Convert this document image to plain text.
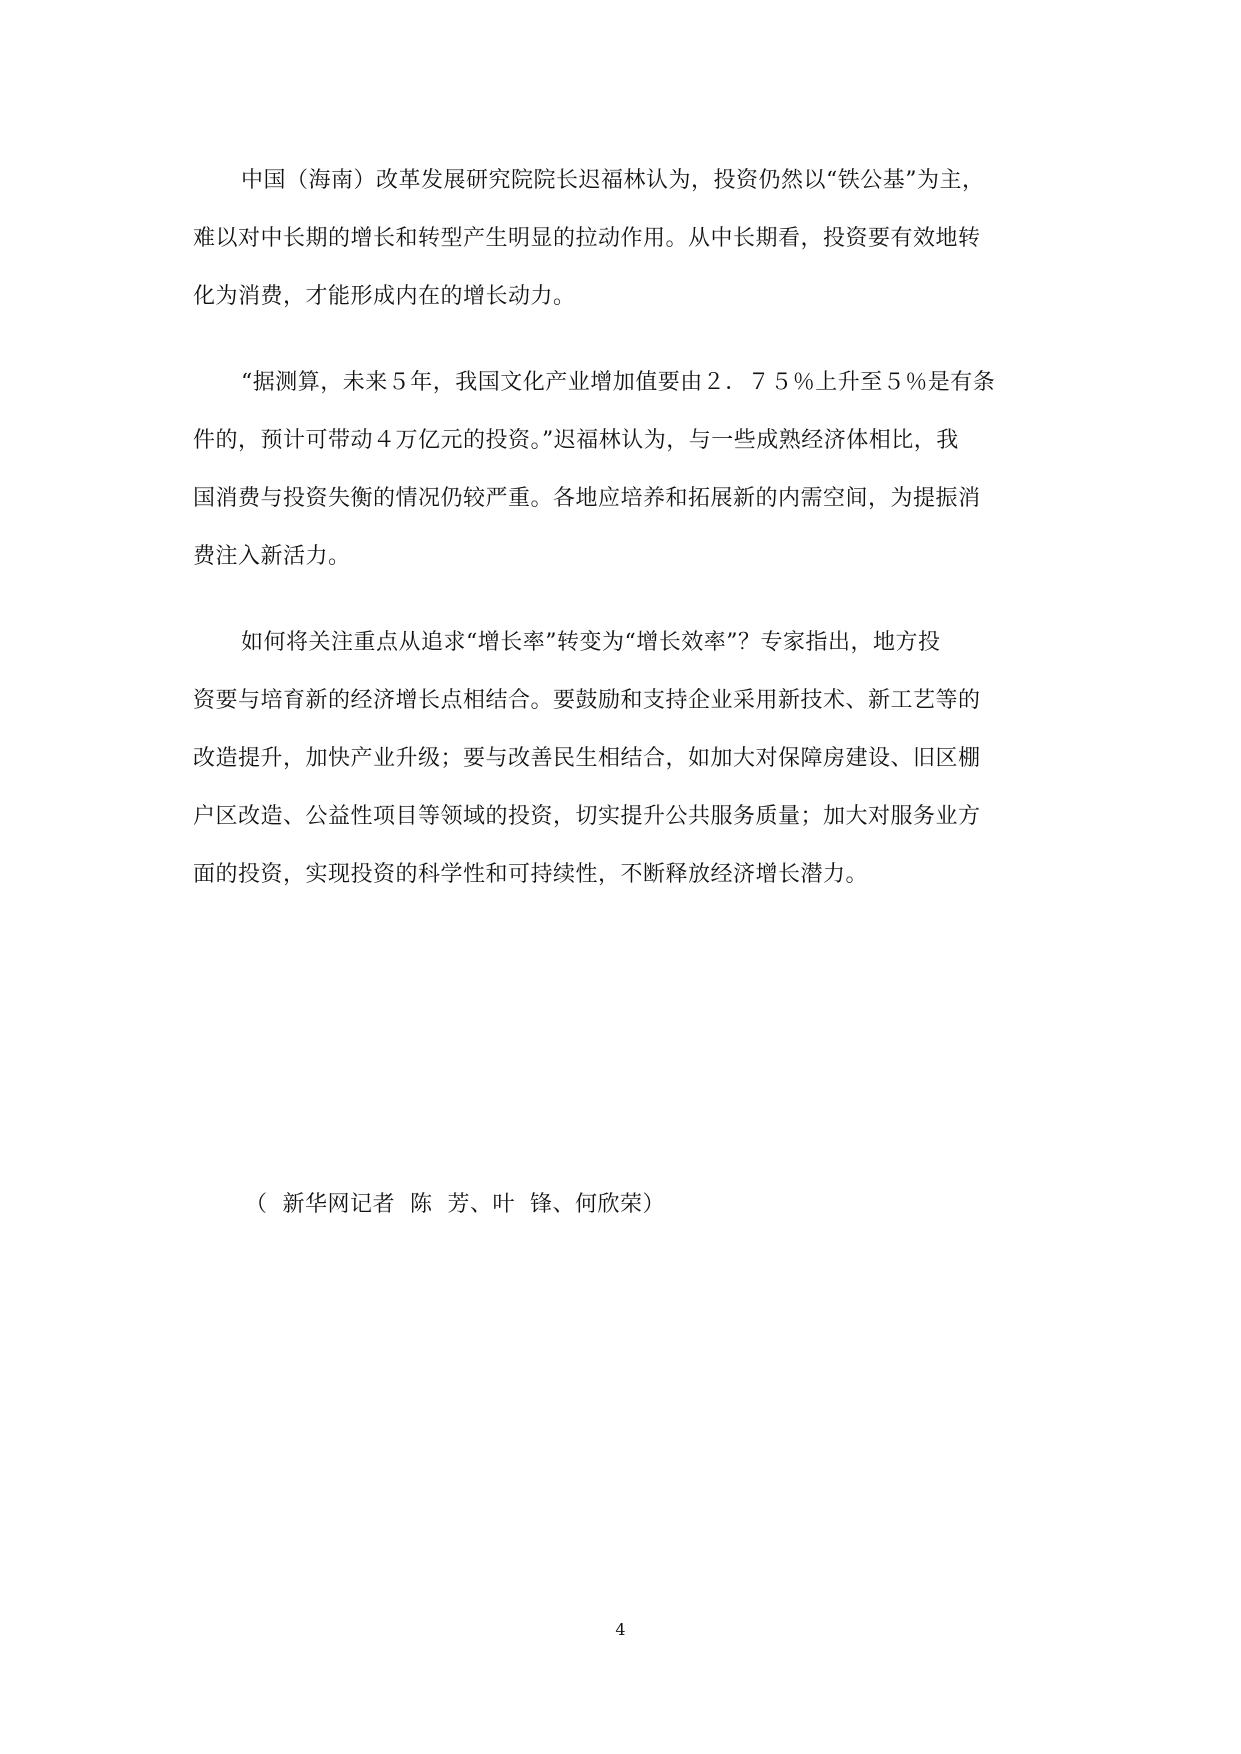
中国（海南）改革发展研究院院长迟福林认为，投资仍然以“铁公基”为主，
难以对中长期的增长和转型产生明显的拉动作用。从中长期看，投资要有效地转
化为消费，才能形成内在的增长动力。
“据测算，未来５年，我国文化产业增加值要由２．７５％上升至５％是有条
件的，预计可带动４万亿元的投资。”迟福林认为，与一些成熟经济体相比，我
国消费与投资失衡的情况仍较严重。各地应培养和拓展新的内需空间，为提振消
费注入新活力。
如何将关注重点从追求“增长率”转变为“增长效率”？专家指出，地方投
资要与培育新的经济增长点相结合。要鼓励和支持企业采用新技术、新工艺等的
改造提升，加快产业升级；要与改善民生相结合，如加大对保障房建设、旧区棚
户区改造、公益性项目等领域的投资，切实提升公共服务质量；加大对服务业方
面的投资，实现投资的科学性和可持续性，不断释放经济增长潜力。
（  新华网记者  陈  芳、叶  锋、何欣荣）
4
